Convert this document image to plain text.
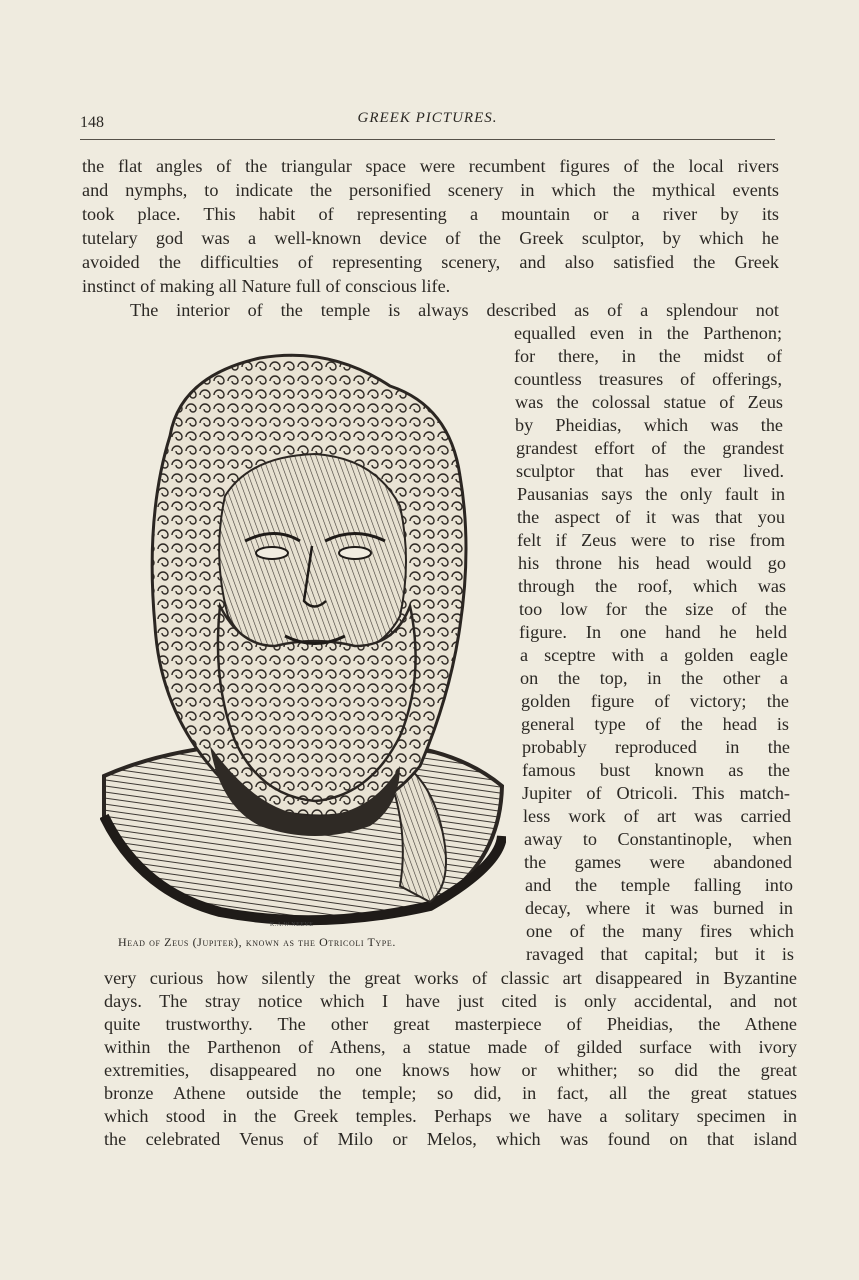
148	GREEK PICTURES.
the flat angles of the triangular space were recumbent figures of the local rivers
and nymphs, to indicate the personified scenery in which the mythical events
took place. This habit of representing a mountain or a river by its
tutelary god was a well-known device of the Greek sculptor, by which he
avoided the difficulties of representing scenery, and also satisfied the Greek
instinct of making all Nature full of conscious life.
The interior of the temple is always described as of a splendour not
K.A.W.NEEVE
Head of Zeus (Jupiter), known as the Otricoli Type.
equalled even in the Parthenon;
for there, in the midst of
countless treasures of offerings,
was the colossal statue of Zeus
by Pheidias, which was the
grandest effort of the grandest
sculptor that has ever lived.
Pausanias says the only fault in
the aspect of it was that you
felt if Zeus were to rise from
his throne his head would go
through the roof, which was
too low for the size of the
figure. In one hand he held
a sceptre with a golden eagle
on the top, in the other a
golden figure of victory; the
general type of the head is
probably reproduced in the
famous bust known as the
Jupiter of Otricoli. This match-
less work of art was carried
away to Constantinople, when
the games were abandoned
and the temple falling into
decay, where it was burned in
one of the many fires which
ravaged that capital; but it is
very curious how silently the great works of classic art disappeared in Byzantine
days. The stray notice which I have just cited is only accidental, and not
quite trustworthy. The other great masterpiece of Pheidias, the Athene
within the Parthenon of Athens, a statue made of gilded surface with ivory
extremities, disappeared no one knows how or whither; so did the great
bronze Athene outside the temple; so did, in fact, all the great statues
which stood in the Greek temples. Perhaps we have a solitary specimen in
the celebrated Venus of Milo or Melos, which was found on that island
